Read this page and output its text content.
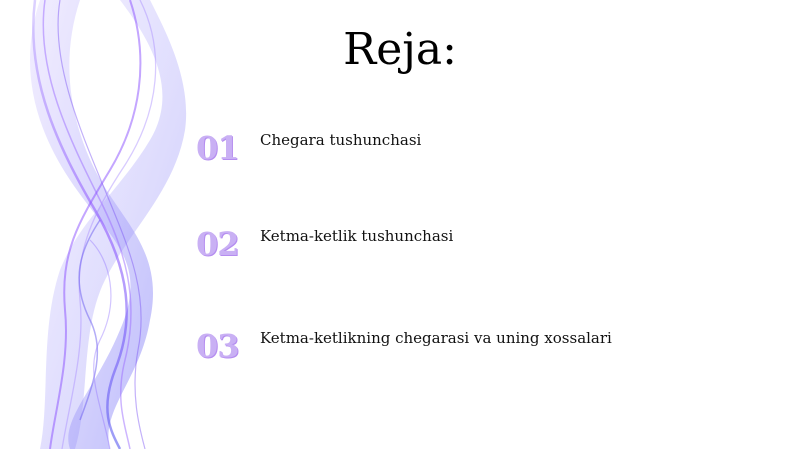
Reja:
01	Chegara tushunchasi
02	Ketma-ketlik tushunchasi
03	Ketma-ketlikning chegarasi va uning xossalari
